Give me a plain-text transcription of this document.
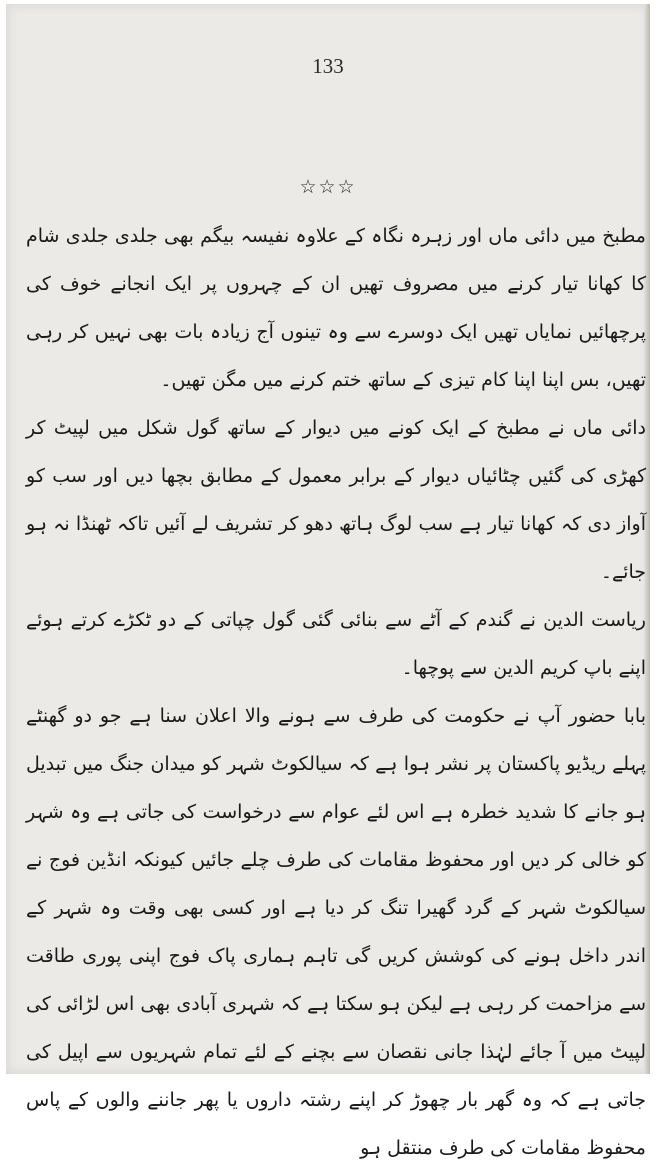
133
☆☆☆

مطبخ میں دائی ماں اور زہرہ نگاہ کے علاوہ نفیسہ بیگم بھی جلدی جلدی شام کا کھانا تیار کرنے میں مصروف تھیں ان کے چہروں پر ایک انجانے خوف کی پرچھائیں نمایاں تھیں ایک دوسرے سے وہ تینوں آج زیادہ بات بھی نہیں کر رہی تھیں، بس اپنا اپنا کام تیزی کے ساتھ ختم کرنے میں مگن تھیں۔

دائی ماں نے مطبخ کے ایک کونے میں دیوار کے ساتھ گول شکل میں لپیٹ کر کھڑی کی گئیں چٹائیاں دیوار کے برابر معمول کے مطابق بچھا دیں اور سب کو آواز دی کہ کھانا تیار ہے سب لوگ ہاتھ دھو کر تشریف لے آئیں تاکہ ٹھنڈا نہ ہو جائے۔

ریاست الدین نے گندم کے آٹے سے بنائی گئی گول چپاتی کے دو ٹکڑے کرتے ہوئے اپنے باپ کریم الدین سے پوچھا۔

بابا حضور آپ نے حکومت کی طرف سے ہونے والا اعلان سنا ہے جو دو گھنٹے پہلے ریڈیو پاکستان پر نشر ہوا ہے کہ سیالکوٹ شہر کو میدان جنگ میں تبدیل ہو جانے کا شدید خطرہ ہے اس لئے عوام سے درخواست کی جاتی ہے وہ شہر کو خالی کر دیں اور محفوظ مقامات کی طرف چلے جائیں کیونکہ انڈین فوج نے سیالکوٹ شہر کے گرد گھیرا تنگ کر دیا ہے اور کسی بھی وقت وہ شہر کے اندر داخل ہونے کی کوشش کریں گی تاہم ہماری پاک فوج اپنی پوری طاقت سے مزاحمت کر رہی ہے لیکن ہو سکتا ہے کہ شہری آبادی بھی اس لڑائی کی لپیٹ میں آ جائے لہٰذا جانی نقصان سے بچنے کے لئے تمام شہریوں سے اپیل کی جاتی ہے کہ وہ گھر بار چھوڑ کر اپنے رشتہ داروں یا پھر جاننے والوں کے پاس محفوظ مقامات کی طرف منتقل ہو
